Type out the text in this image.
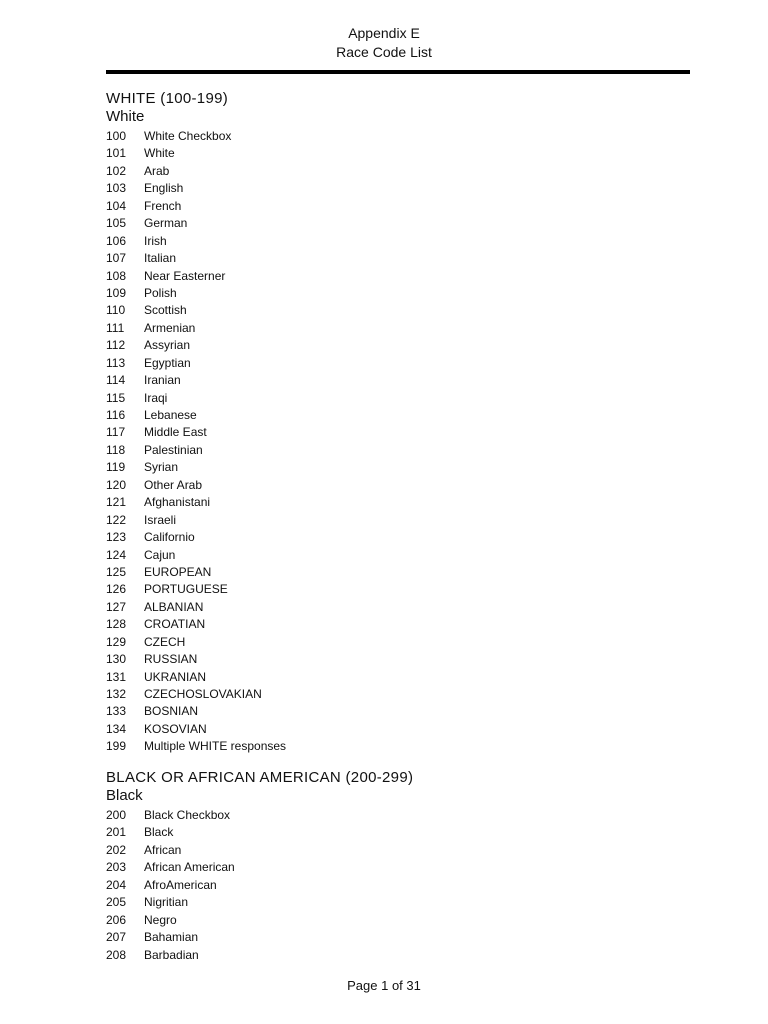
Appendix E
Race Code List
WHITE (100-199)
White
100	White Checkbox
101	White
102	Arab
103	English
104	French
105	German
106	Irish
107	Italian
108	Near Easterner
109	Polish
110	Scottish
111	Armenian
112	Assyrian
113	Egyptian
114	Iranian
115	Iraqi
116	Lebanese
117	Middle East
118	Palestinian
119	Syrian
120	Other Arab
121	Afghanistani
122	Israeli
123	Californio
124	Cajun
125	EUROPEAN
126	PORTUGUESE
127	ALBANIAN
128	CROATIAN
129	CZECH
130	RUSSIAN
131	UKRANIAN
132	CZECHOSLOVAKIAN
133	BOSNIAN
134	KOSOVIAN
199	Multiple WHITE responses
BLACK OR AFRICAN AMERICAN (200-299)
Black
200	Black Checkbox
201	Black
202	African
203	African American
204	AfroAmerican
205	Nigritian
206	Negro
207	Bahamian
208	Barbadian
Page 1 of 31
